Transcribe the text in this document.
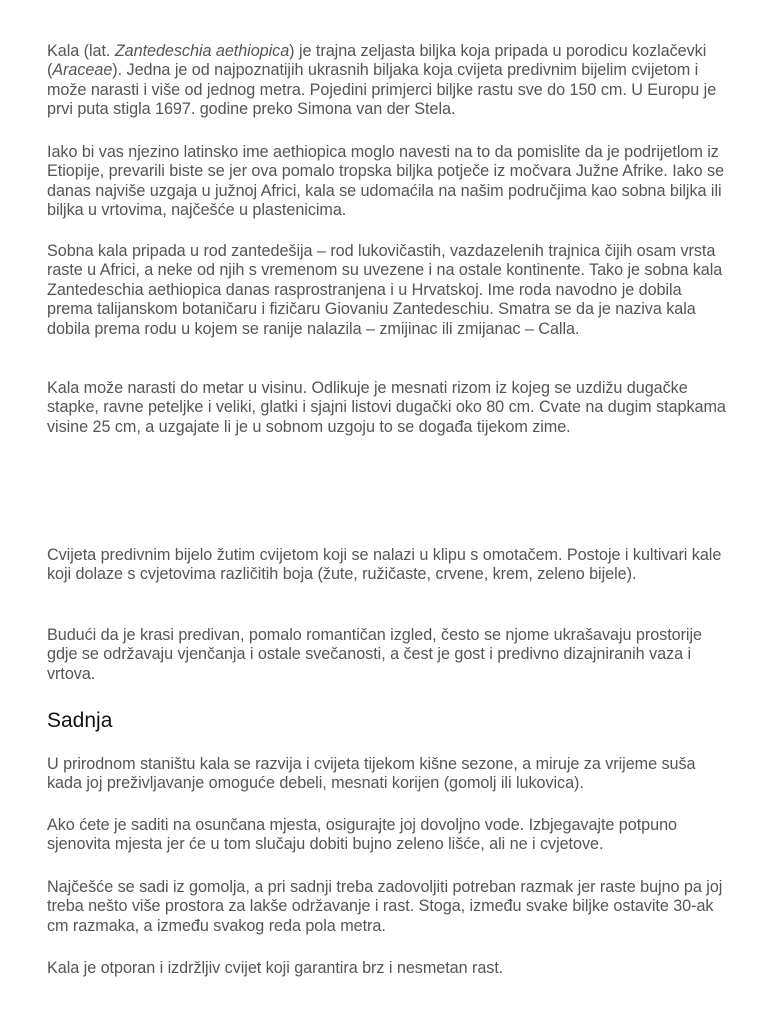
Kala (lat. Zantedeschia aethiopica) je trajna zeljasta biljka koja pripada u porodicu kozlačevki (Araceae). Jedna je od najpoznatijih ukrasnih biljaka koja cvijeta predivnim bijelim cvijetom i može narasti i više od jednog metra. Pojedini primjerci biljke rastu sve do 150 cm. U Europu je prvi puta stigla 1697. godine preko Simona van der Stela.

Iako bi vas njezino latinsko ime aethiopica moglo navesti na to da pomislite da je podrijetlom iz Etiopije, prevarili biste se jer ova pomalo tropska biljka potječe iz močvara Južne Afrike. Iako se danas najviše uzgaja u južnoj Africi, kala se udomaćila na našim područjima kao sobna biljka ili biljka u vrtovima, najčešće u plastenicima.

Sobna kala pripada u rod zantedešija – rod lukovičastih, vazdazelenih trajnica čijih osam vrsta raste u Africi, a neke od njih s vremenom su uvezene i na ostale kontinente. Tako je sobna kala Zantedeschia aethiopica danas rasprostranjena i u Hrvatskoj. Ime roda navodno je dobila prema talijanskom botaničaru i fizičaru Giovaniu Zantedeschiu. Smatra se da je naziva kala dobila prema rodu u kojem se ranije nalazila – zmijinac ili zmijanac – Calla.

Kala može narasti do metar u visinu. Odlikuje je mesnati rizom iz kojeg se uzdižu dugačke stapke, ravne peteljke i veliki, glatki i sjajni listovi dugački oko 80 cm. Cvate na dugim stapkama visine 25 cm, a uzgajate li je u sobnom uzgoju to se događa tijekom zime.

Cvijeta predivnim bijelo žutim cvijetom koji se nalazi u klipu s omotačem. Postoje i kultivari kale koji dolaze s cvjetovima različitih boja (žute, ružičaste, crvene, krem, zeleno bijele).

Budući da je krasi predivan, pomalo romantičan izgled, često se njome ukrašavaju prostorije gdje se održavaju vjenčanja i ostale svečanosti, a čest je gost i predivno dizajniranih vaza i vrtova.

Sadnja

U prirodnom staništu kala se razvija i cvijeta tijekom kišne sezone, a miruje za vrijeme suša kada joj preživljavanje omogućе debeli, mesnati korijen (gomolj ili lukovica).

Ako ćete je saditi na osunčana mjesta, osigurajte joj dovoljno vode. Izbjegavajte potpuno sjenovita mjesta jer će u tom slučaju dobiti bujno zeleno lišće, ali ne i cvjetove.

Najčešće se sadi iz gomolja, a pri sadnji treba zadovoljiti potreban razmak jer raste bujno pa joj treba nešto više prostora za lakše održavanje i rast. Stoga, između svake biljke ostavite 30-ak cm razmaka, a između svakog reda pola metra.

Kala je otporan i izdržljiv cvijet koji garantira brz i nesmetan rast.
